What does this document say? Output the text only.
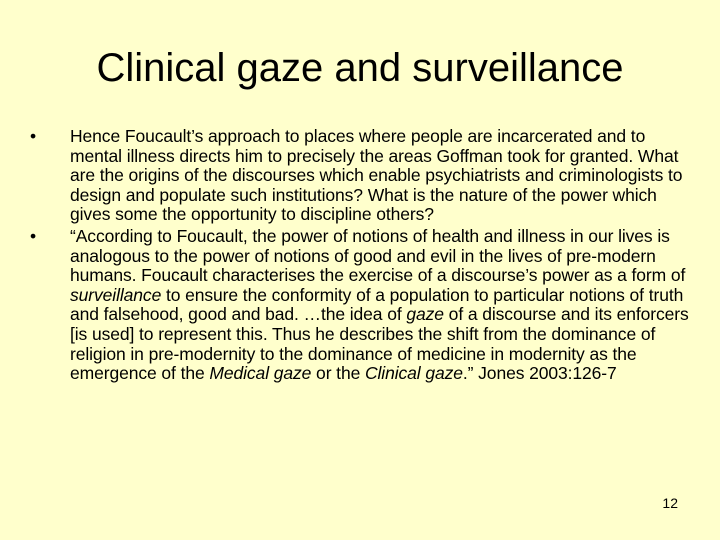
Clinical gaze and surveillance
•	Hence Foucault’s approach to places where people are incarcerated and to mental illness directs him to precisely the areas Goffman took for granted. What are the origins of the discourses which enable psychiatrists and criminologists to design and populate such institutions? What is the nature of the power which gives some the opportunity to discipline others?
•	“According to Foucault, the power of notions of health and illness in our lives is analogous to the power of notions of good and evil in the lives of pre-modern humans. Foucault characterises the exercise of a discourse’s power as a form of surveillance to ensure the conformity of a population to particular notions of truth and falsehood, good and bad. …the idea of gaze of a discourse and its enforcers [is used] to represent this. Thus he describes the shift from the dominance of religion in pre-modernity to the dominance of medicine in modernity as the emergence of the Medical gaze or the Clinical gaze.” Jones 2003:126-7
12
